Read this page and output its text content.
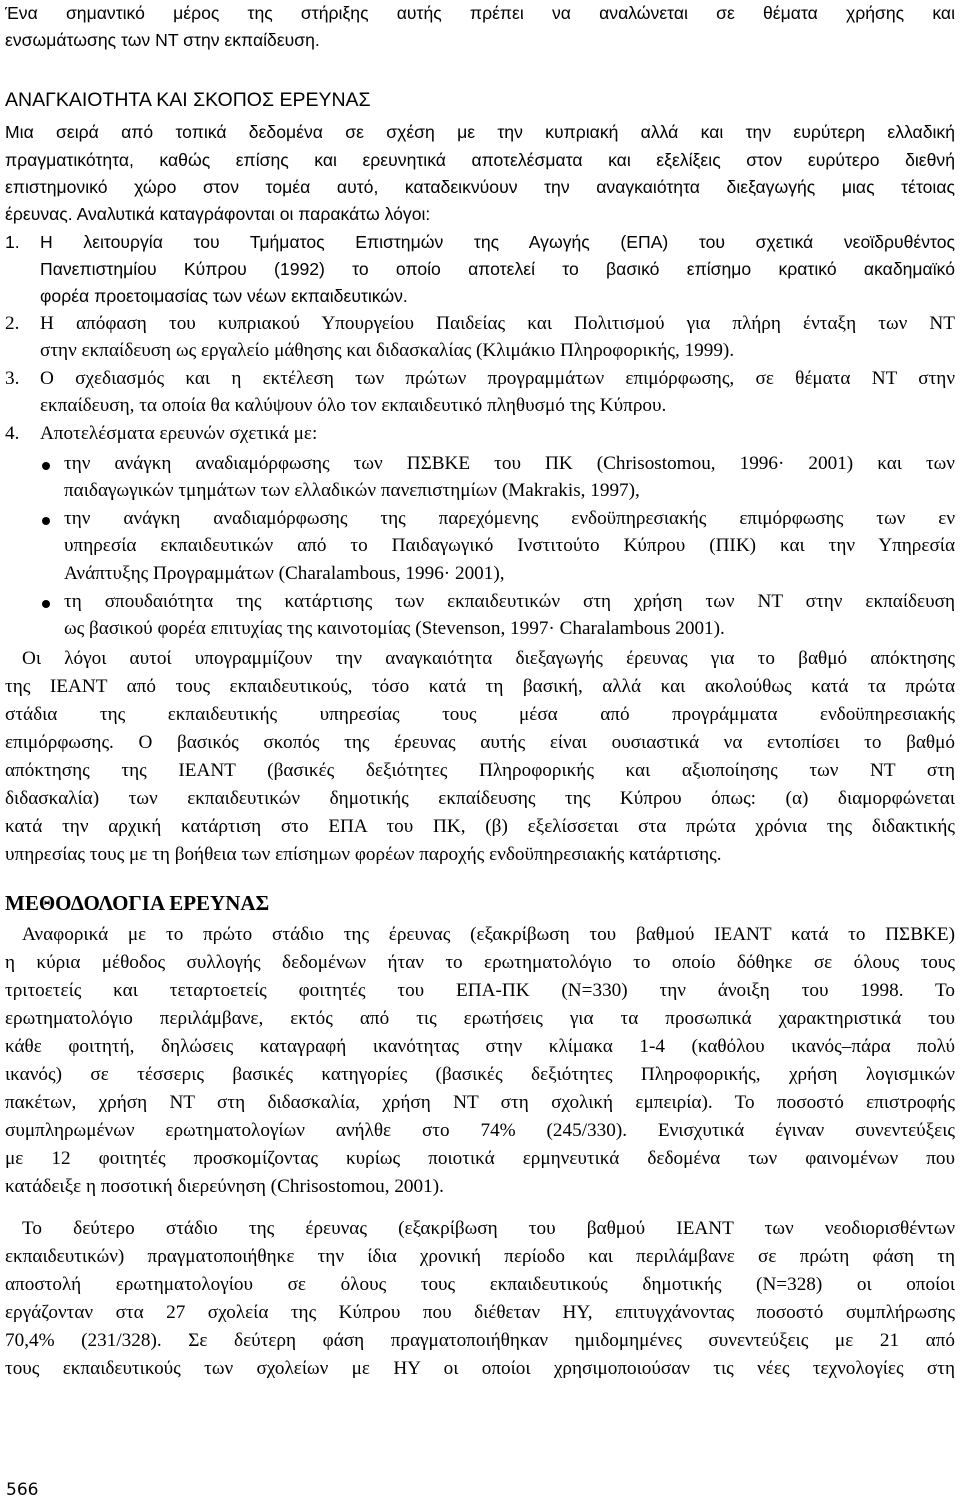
Ένα σημαντικό μέρος της στήριξης αυτής πρέπει να αναλώνεται σε θέματα χρήσης και
ενσωμάτωσης των ΝΤ στην εκπαίδευση.
ΑΝΑΓΚΑΙΟΤΗΤΑ ΚΑΙ ΣΚΟΠΟΣ ΕΡΕΥΝΑΣ
Μια σειρά από τοπικά δεδομένα σε σχέση με την κυπριακή αλλά και την ευρύτερη ελλαδική
πραγματικότητα, καθώς επίσης και ερευνητικά αποτελέσματα και εξελίξεις στον ευρύτερο διεθνή
επιστημονικό χώρο στον τομέα αυτό, καταδεικνύουν την αναγκαιότητα διεξαγωγής μιας τέτοιας
έρευνας. Αναλυτικά καταγράφονται οι παρακάτω λόγοι:
1. Η λειτουργία του Τμήματος Επιστημών της Αγωγής (ΕΠΑ) του σχετικά νεοϊδρυθέντος
Πανεπιστημίου Κύπρου (1992) το οποίο αποτελεί το βασικό επίσημο κρατικό ακαδημαϊκό
φορέα προετοιμασίας των νέων εκπαιδευτικών.
2. Η απόφαση του κυπριακού Υπουργείου Παιδείας και Πολιτισμού για πλήρη ένταξη των ΝΤ
στην εκπαίδευση ως εργαλείο μάθησης και διδασκαλίας (Κλιμάκιο Πληροφορικής, 1999).
3. Ο σχεδιασμός και η εκτέλεση των πρώτων προγραμμάτων επιμόρφωσης, σε θέματα ΝΤ στην
εκπαίδευση, τα οποία θα καλύψουν όλο τον εκπαιδευτικό πληθυσμό της Κύπρου.
4. Αποτελέσματα ερευνών σχετικά με:
την ανάγκη αναδιαμόρφωσης των ΠΣΒΚΕ του ΠΚ (Chrisostomou, 1996· 2001) και των
παιδαγωγικών τμημάτων των ελλαδικών πανεπιστημίων (Makrakis, 1997),
την ανάγκη αναδιαμόρφωσης της παρεχόμενης ενδοϋπηρεσιακής επιμόρφωσης των εν
υπηρεσία εκπαιδευτικών από το Παιδαγωγικό Ινστιτούτο Κύπρου (ΠΙΚ) και την Υπηρεσία
Ανάπτυξης Προγραμμάτων (Charalambous, 1996· 2001),
τη σπουδαιότητα της κατάρτισης των εκπαιδευτικών στη χρήση των ΝΤ στην εκπαίδευση
ως βασικού φορέα επιτυχίας της καινοτομίας (Stevenson, 1997· Charalambous 2001).
Οι λόγοι αυτοί υπογραμμίζουν την αναγκαιότητα διεξαγωγής έρευνας για το βαθμό απόκτησης
της ΙΕΑΝΤ από τους εκπαιδευτικούς, τόσο κατά τη βασική, αλλά και ακολούθως κατά τα πρώτα
στάδια της εκπαιδευτικής υπηρεσίας τους μέσα από προγράμματα ενδοϋπηρεσιακής
επιμόρφωσης. Ο βασικός σκοπός της έρευνας αυτής είναι ουσιαστικά να εντοπίσει το βαθμό
απόκτησης της ΙΕΑΝΤ (βασικές δεξιότητες Πληροφορικής και αξιοποίησης των ΝΤ στη
διδασκαλία) των εκπαιδευτικών δημοτικής εκπαίδευσης της Κύπρου όπως: (α) διαμορφώνεται
κατά την αρχική κατάρτιση στο ΕΠΑ του ΠΚ, (β) εξελίσσεται στα πρώτα χρόνια της διδακτικής
υπηρεσίας τους με τη βοήθεια των επίσημων φορέων παροχής ενδοϋπηρεσιακής κατάρτισης.
ΜΕΘΟΔΟΛΟΓΙΑ ΕΡΕΥΝΑΣ
Αναφορικά με το πρώτο στάδιο της έρευνας (εξακρίβωση του βαθμού ΙΕΑΝΤ κατά το ΠΣΒΚΕ)
η κύρια μέθοδος συλλογής δεδομένων ήταν το ερωτηματολόγιο το οποίο δόθηκε σε όλους τους
τριτοετείς και τεταρτοετείς φοιτητές του ΕΠΑ-ΠΚ (Ν=330) την άνοιξη του 1998. Το
ερωτηματολόγιο περιλάμβανε, εκτός από τις ερωτήσεις για τα προσωπικά χαρακτηριστικά του
κάθε φοιτητή, δηλώσεις καταγραφή ικανότητας στην κλίμακα 1-4 (καθόλου ικανός–πάρα πολύ
ικανός) σε τέσσερις βασικές κατηγορίες (βασικές δεξιότητες Πληροφορικής, χρήση λογισμικών
πακέτων, χρήση ΝΤ στη διδασκαλία, χρήση ΝΤ στη σχολική εμπειρία). Το ποσοστό επιστροφής
συμπληρωμένων ερωτηματολογίων ανήλθε στο 74% (245/330). Ενισχυτικά έγιναν συνεντεύξεις
με 12 φοιτητές προσκομίζοντας κυρίως ποιοτικά ερμηνευτικά δεδομένα των φαινομένων που
κατάδειξε η ποσοτική διερεύνηση (Chrisostomou, 2001).
Το δεύτερο στάδιο της έρευνας (εξακρίβωση του βαθμού ΙΕΑΝΤ των νεοδιορισθέντων
εκπαιδευτικών) πραγματοποιήθηκε την ίδια χρονική περίοδο και περιλάμβανε σε πρώτη φάση τη
αποστολή ερωτηματολογίου σε όλους τους εκπαιδευτικούς δημοτικής (Ν=328) οι οποίοι
εργάζονταν στα 27 σχολεία της Κύπρου που διέθεταν ΗΥ, επιτυγχάνοντας ποσοστό συμπλήρωσης
70,4% (231/328). Σε δεύτερη φάση πραγματοποιήθηκαν ημιδομημένες συνεντεύξεις με 21 από
τους εκπαιδευτικούς των σχολείων με ΗΥ οι οποίοι χρησιμοποιούσαν τις νέες τεχνολογίες στη
566
